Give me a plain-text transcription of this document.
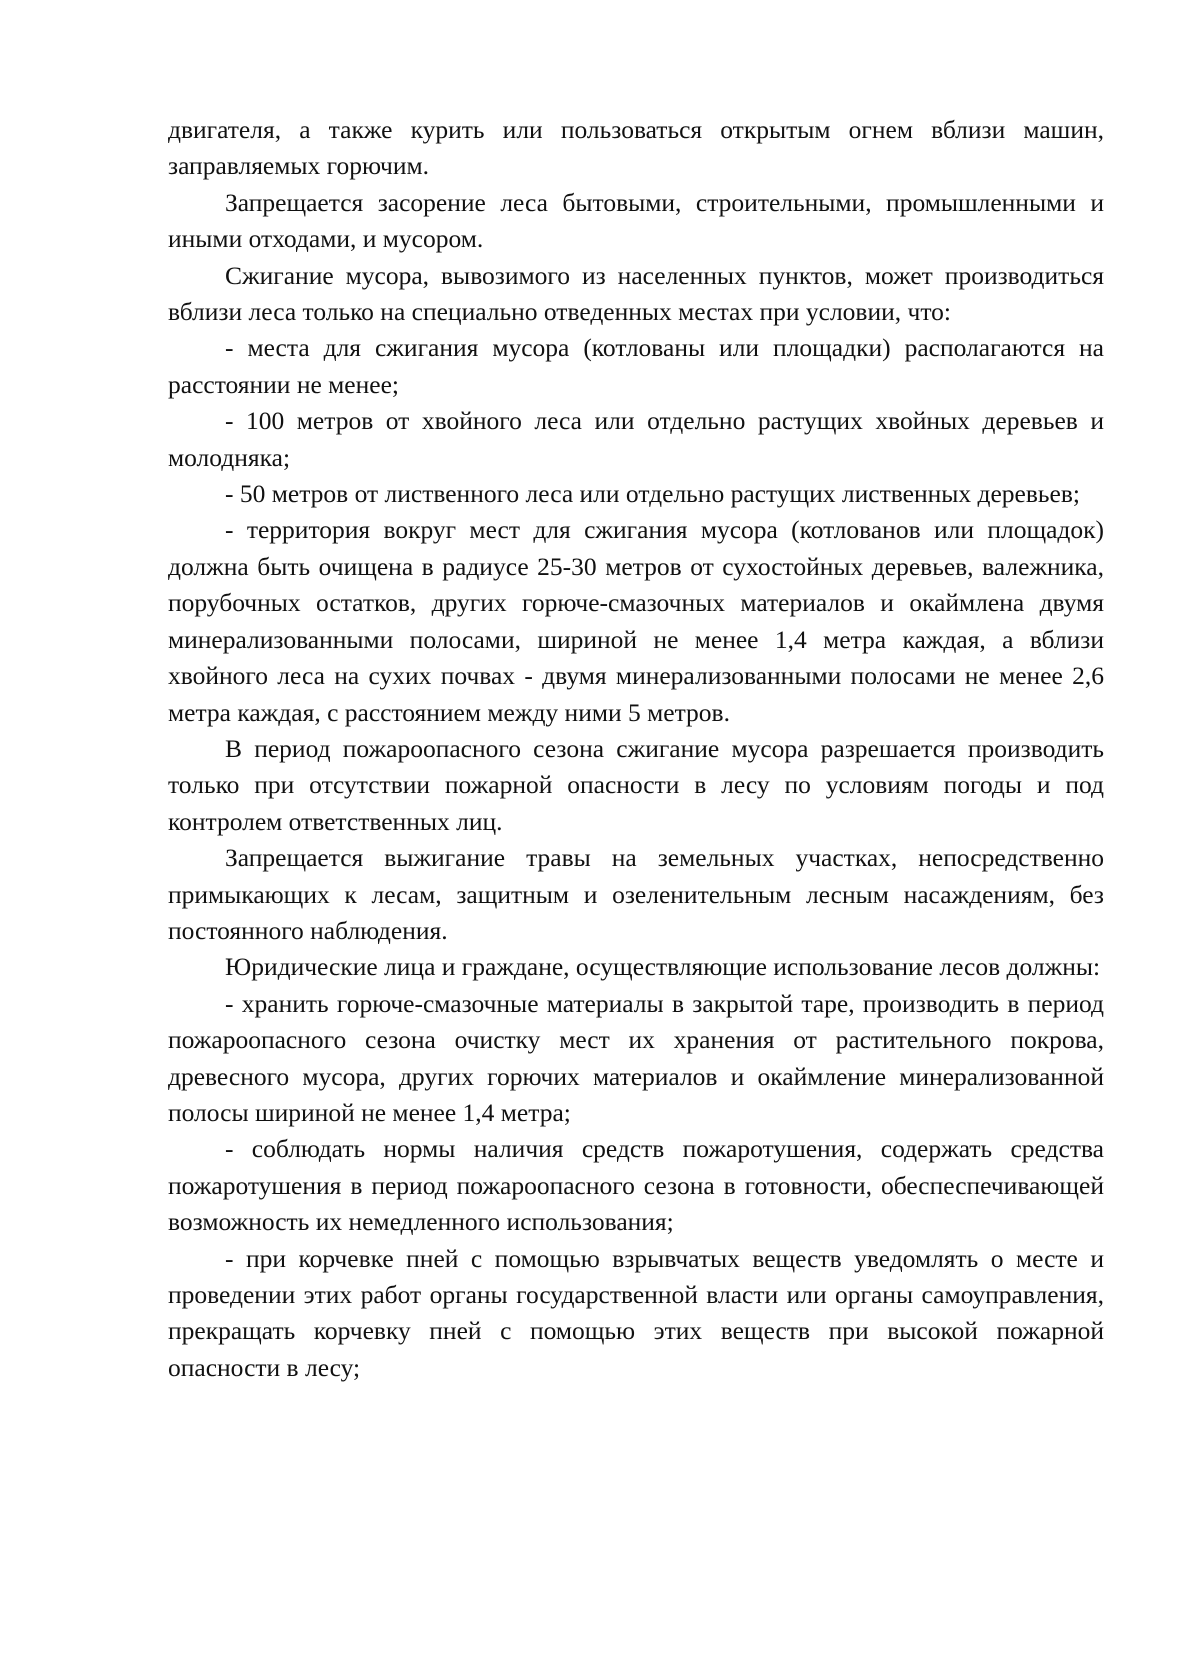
двигателя, а также курить или пользоваться открытым огнем вблизи машин, заправляемых горючим.

Запрещается засорение леса бытовыми, строительными, промышленными и иными отходами, и мусором.

Сжигание мусора, вывозимого из населенных пунктов, может производиться вблизи леса только на специально отведенных местах при условии, что:

- места для сжигания мусора (котлованы или площадки) располагаются на расстоянии не менее;

- 100 метров от хвойного леса или отдельно растущих хвойных деревьев и молодняка;

- 50 метров от лиственного леса или отдельно растущих лиственных деревьев;

- территория вокруг мест для сжигания мусора (котлованов или площадок) должна быть очищена в радиусе 25-30 метров от сухостойных деревьев, валежника, порубочных остатков, других горюче-смазочных материалов и окаймлена двумя минерализованными полосами, шириной не менее 1,4 метра каждая, а вблизи хвойного леса на сухих почвах - двумя минерализованными полосами не менее 2,6 метра каждая, с расстоянием между ними 5 метров.

В период пожароопасного сезона сжигание мусора разрешается производить только при отсутствии пожарной опасности в лесу по условиям погоды и под контролем ответственных лиц.

Запрещается выжигание травы на земельных участках, непосредственно примыкающих к лесам, защитным и озеленительным лесным насаждениям, без постоянного наблюдения.

Юридические лица и граждане, осуществляющие использование лесов должны:

- хранить горюче-смазочные материалы в закрытой таре, производить в период пожароопасного сезона очистку мест их хранения от растительного покрова, древесного мусора, других горючих материалов и окаймление минерализованной полосы шириной не менее 1,4 метра;

- соблюдать нормы наличия средств пожаротушения, содержать средства пожаротушения в период пожароопасного сезона в готовности, обеспеспечивающей возможность их немедленного использования;

- при корчевке пней с помощью взрывчатых веществ уведомлять о месте и проведении этих работ органы государственной власти или органы самоуправления, прекращать корчевку пней с помощью этих веществ при высокой пожарной опасности в лесу;
